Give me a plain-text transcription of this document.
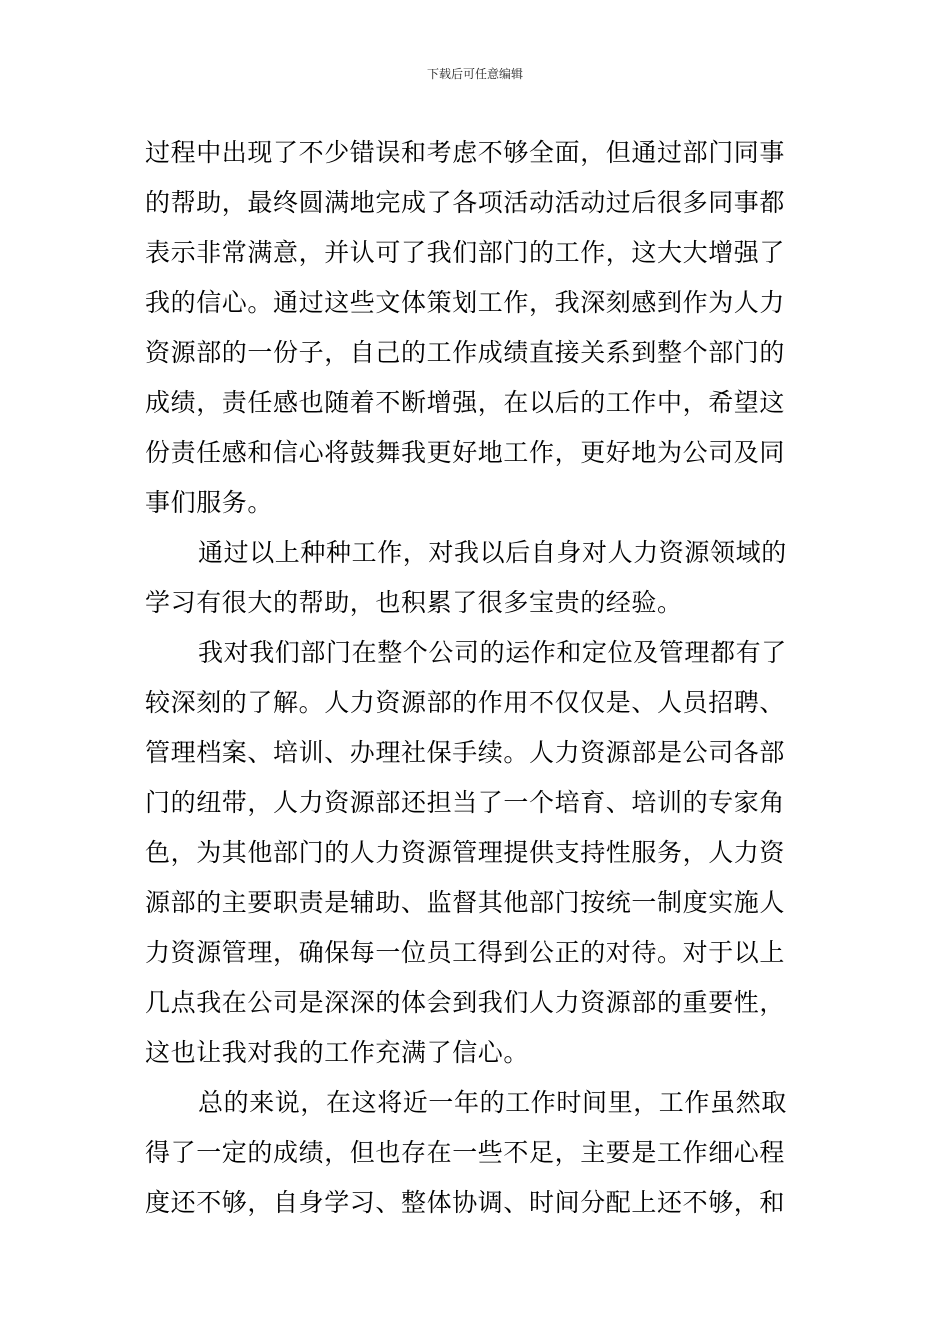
下载后可任意编辑
过程中出现了不少错误和考虑不够全面，但通过部门同事
的帮助，最终圆满地完成了各项活动活动过后很多同事都
表示非常满意，并认可了我们部门的工作，这大大增强了
我的信心。通过这些文体策划工作，我深刻感到作为人力
资源部的一份子，自己的工作成绩直接关系到整个部门的
成绩，责任感也随着不断增强，在以后的工作中，希望这
份责任感和信心将鼓舞我更好地工作，更好地为公司及同
事们服务。
通过以上种种工作，对我以后自身对人力资源领域的
学习有很大的帮助，也积累了很多宝贵的经验。
我对我们部门在整个公司的运作和定位及管理都有了
较深刻的了解。人力资源部的作用不仅仅是、人员招聘、
管理档案、培训、办理社保手续。人力资源部是公司各部
门的纽带，人力资源部还担当了一个培育、培训的专家角
色，为其他部门的人力资源管理提供支持性服务，人力资
源部的主要职责是辅助、监督其他部门按统一制度实施人
力资源管理，确保每一位员工得到公正的对待。对于以上
几点我在公司是深深的体会到我们人力资源部的重要性，
这也让我对我的工作充满了信心。
总的来说，在这将近一年的工作时间里，工作虽然取
得了一定的成绩，但也存在一些不足，主要是工作细心程
度还不够，自身学习、整体协调、时间分配上还不够，和
